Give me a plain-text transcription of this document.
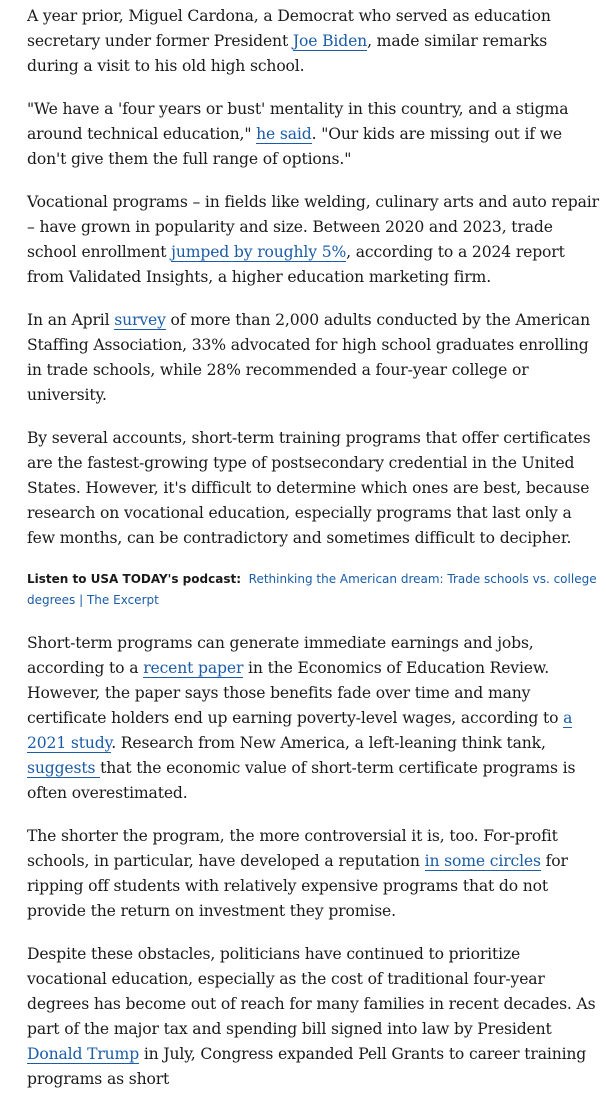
A year prior, Miguel Cardona, a Democrat who served as education secretary under former President Joe Biden, made similar remarks during a visit to his old high school.

"We have a 'four years or bust' mentality in this country, and a stigma around technical education," he said. "Our kids are missing out if we don't give them the full range of options."

Vocational programs – in fields like welding, culinary arts and auto repair – have grown in popularity and size. Between 2020 and 2023, trade school enrollment jumped by roughly 5%, according to a 2024 report from Validated Insights, a higher education marketing firm.

In an April survey of more than 2,000 adults conducted by the American Staffing Association, 33% advocated for high school graduates enrolling in trade schools, while 28% recommended a four-year college or university.

By several accounts, short-term training programs that offer certificates are the fastest-growing type of postsecondary credential in the United States. However, it's difficult to determine which ones are best, because research on vocational education, especially programs that last only a few months, can be contradictory and sometimes difficult to decipher.

Listen to USA TODAY's podcast: Rethinking the American dream: Trade schools vs. college degrees | The Excerpt

Short-term programs can generate immediate earnings and jobs, according to a recent paper in the Economics of Education Review. However, the paper says those benefits fade over time and many certificate holders end up earning poverty-level wages, according to a 2021 study. Research from New America, a left-leaning think tank, suggests that the economic value of short-term certificate programs is often overestimated.

The shorter the program, the more controversial it is, too. For-profit schools, in particular, have developed a reputation in some circles for ripping off students with relatively expensive programs that do not provide the return on investment they promise.

Despite these obstacles, politicians have continued to prioritize vocational education, especially as the cost of traditional four-year degrees has become out of reach for many families in recent decades. As part of the major tax and spending bill signed into law by President Donald Trump in July, Congress expanded Pell Grants to career training programs as short
